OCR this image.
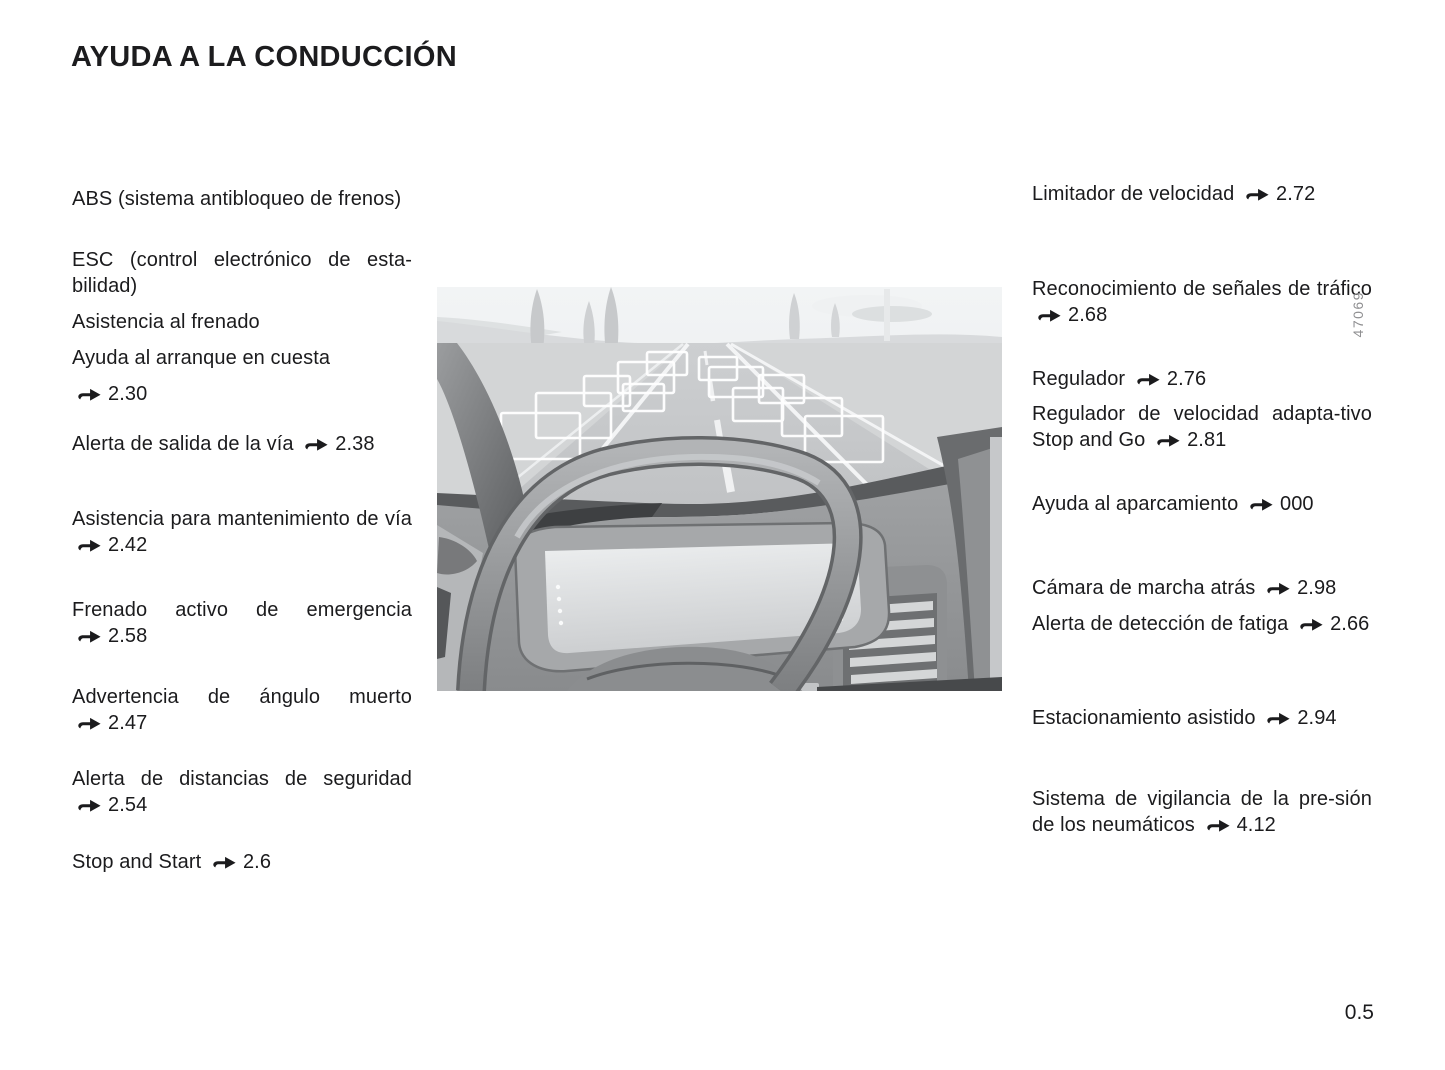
AYUDA A LA CONDUCCIÓN

ABS (sistema antibloqueo de frenos)

ESC (control electrónico de esta-bilidad)

Asistencia al frenado

Ayuda al arranque en cuesta
2.30

Alerta de salida de la vía 2.38

Asistencia para mantenimiento de vía 2.42

Frenado activo de emergencia 2.58

Advertencia de ángulo muerto 2.47

Alerta de distancias de seguridad 2.54

Stop and Start 2.6

Limitador de velocidad 2.72

Reconocimiento de señales de tráfico 2.68

Regulador 2.76

Regulador de velocidad adapta-tivo Stop and Go 2.81

Ayuda al aparcamiento 000

Cámara de marcha atrás 2.98

Alerta de detección de fatiga 2.66

Estacionamiento asistido 2.94

Sistema de vigilancia de la pre-sión de los neumáticos 4.12

47069
0.5
